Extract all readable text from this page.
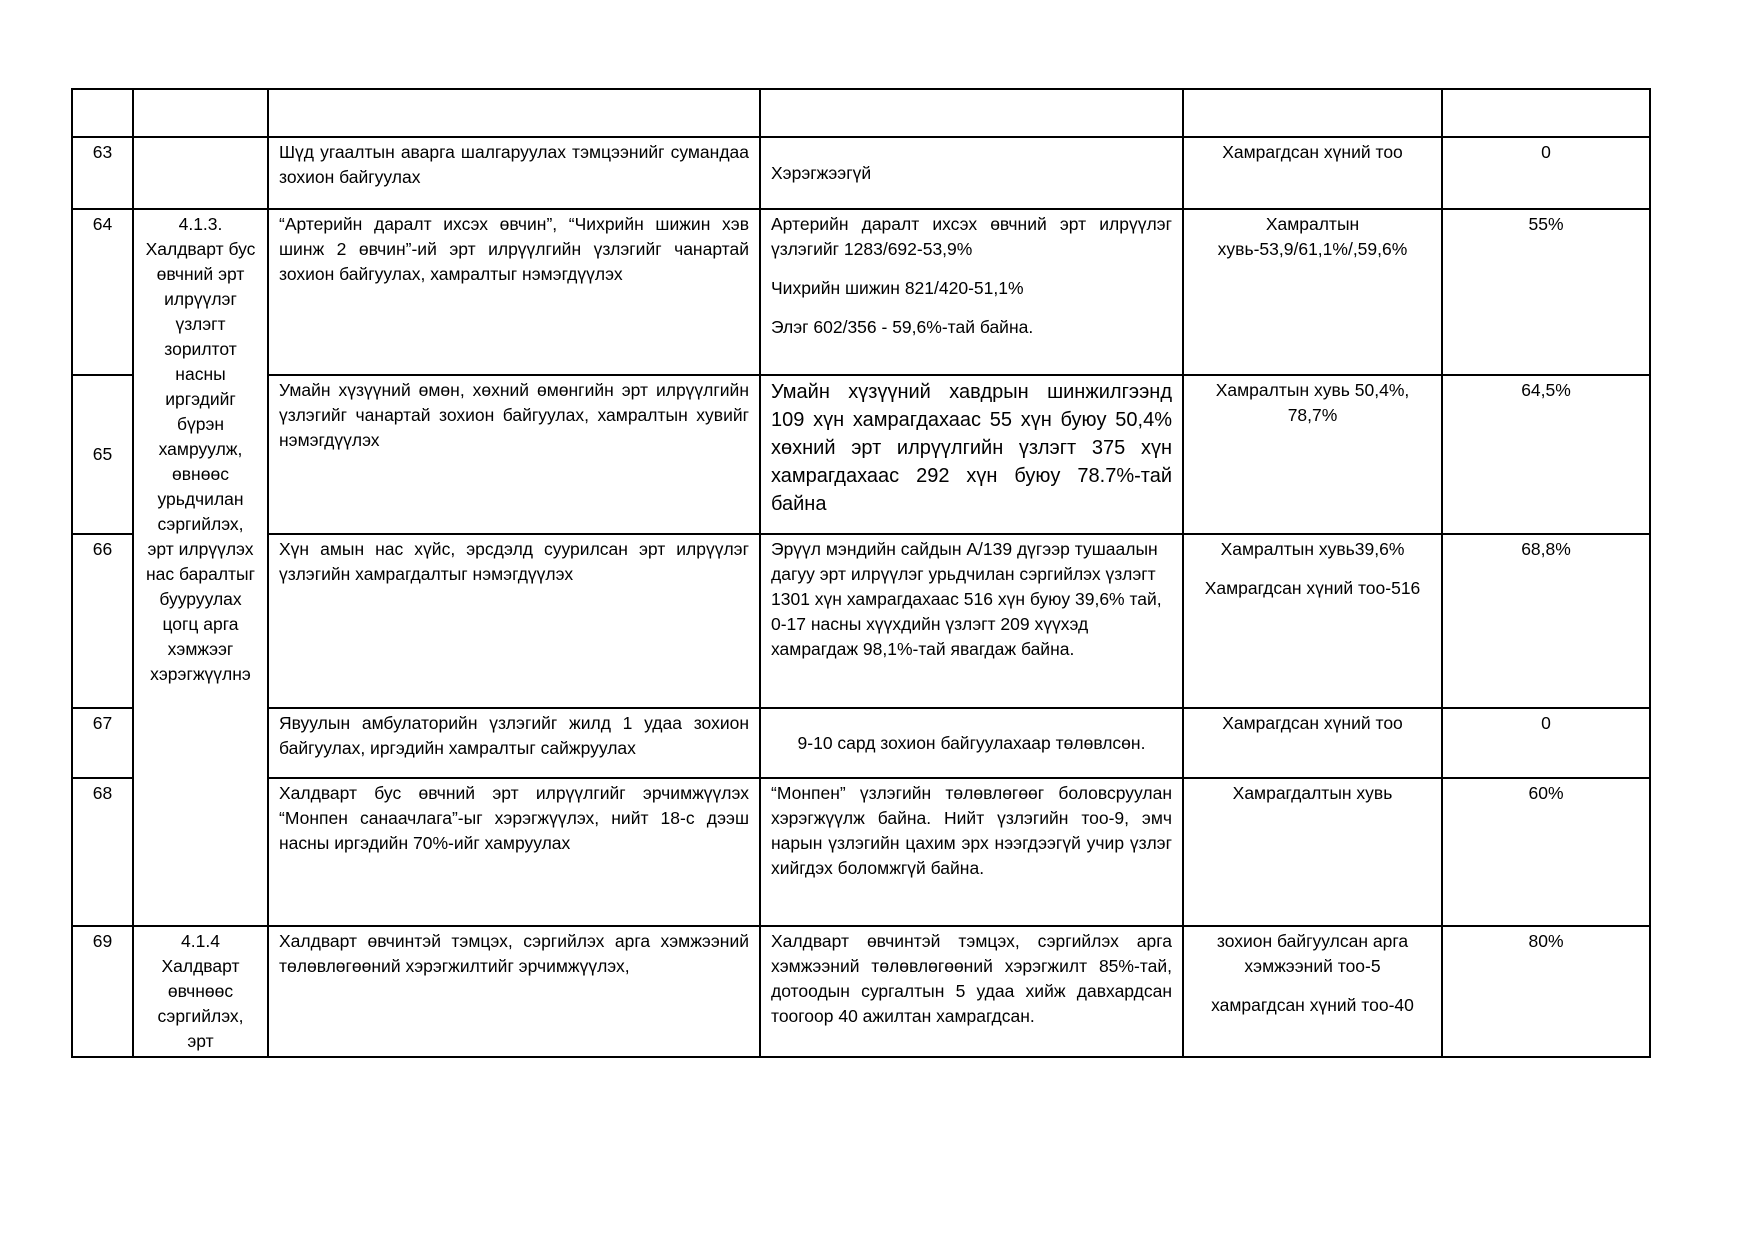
63		Шүд угаалтын аварга шалгаруулах тэмцээнийг сумандаа зохион байгуулах	Хэрэгжээгүй	Хамрагдсан хүний тоо	0
64	4.1.3. Халдварт бус өвчний эрт илрүүлэг үзлэгт зорилтот насны иргэдийг бүрэн хамруулж, өвнөөс урьдчилан сэргийлэх, эрт илрүүлэх нас баралтыг бууруулах цогц арга хэмжээг хэрэгжүүлнэ	“Артерийн даралт ихсэх өвчин”, “Чихрийн шижин хэв шинж 2 өвчин”-ий эрт илрүүлгийн үзлэгийг чанартай зохион байгуулах, хамралтыг нэмэгдүүлэх	Артерийн даралт ихсэх өвчний эрт илрүүлэг үзлэгийг 1283/692-53,9%

Чихрийн шижин 821/420-51,1%

Элэг 602/356 - 59,6%-тай байна.	Хамралтын хувь-53,9/61,1%/,59,6%	55%
65		Умайн хүзүүний өмөн, хөхний өмөнгийн эрт илрүүлгийн үзлэгийг чанартай зохион байгуулах, хамралтын хувийг нэмэгдүүлэх	Умайн хүзүүний хавдрын шинжилгээнд 109 хүн хамрагдахаас 55 хүн буюу 50,4% хөхний эрт илрүүлгийн үзлэгт 375 хүн хамрагдахаас 292 хүн буюу 78.7%-тай байна	Хамралтын хувь 50,4%, 78,7%	64,5%
66		Хүн амын нас хүйс, эрсдэлд суурилсан эрт илрүүлэг үзлэгийн хамрагдалтыг нэмэгдүүлэх	Эрүүл мэндийн сайдын А/139 дүгээр тушаалын дагуу эрт илрүүлэг урьдчилан сэргийлэх үзлэгт 1301 хүн хамрагдахаас 516 хүн буюу 39,6% тай, 0-17 насны хүүхдийн үзлэгт 209 хүүхэд хамрагдаж 98,1%-тай явагдаж байна.	Хамралтын хувь39,6%

Хамрагдсан хүний тоо-516	68,8%
67		Явуулын амбулаторийн үзлэгийг жилд 1 удаа зохион байгуулах, иргэдийн хамралтыг сайжруулах	9-10 сард зохион байгуулахаар төлөвлсөн.	Хамрагдсан хүний тоо	0
68		Халдварт бус өвчний эрт илрүүлгийг эрчимжүүлэх “Монпен санаачлага”-ыг хэрэгжүүлэх, нийт 18-с дээш насны иргэдийн 70%-ийг хамруулах	“Монпен” үзлэгийн төлөвлөгөөг боловсруулан хэрэгжүүлж байна. Нийт үзлэгийн тоо-9, эмч нарын үзлэгийн цахим эрх нээгдээгүй учир үзлэг хийгдэх боломжгүй байна.	Хамрагдалтын хувь	60%
69	4.1.4 Халдварт өвчнөөс сэргийлэх, эрт	Халдварт өвчинтэй тэмцэх, сэргийлэх арга хэмжээний төлөвлөгөөний хэрэгжилтийг эрчимжүүлэх,	Халдварт өвчинтэй тэмцэх, сэргийлэх арга хэмжээний төлөвлөгөөний хэрэгжилт 85%-тай, дотоодын сургалтын 5 удаа хийж давхардсан тоогоор 40 ажилтан хамрагдсан.	зохион байгуулсан арга хэмжээний тоо-5

хамрагдсан хүний тоо-40	80%
